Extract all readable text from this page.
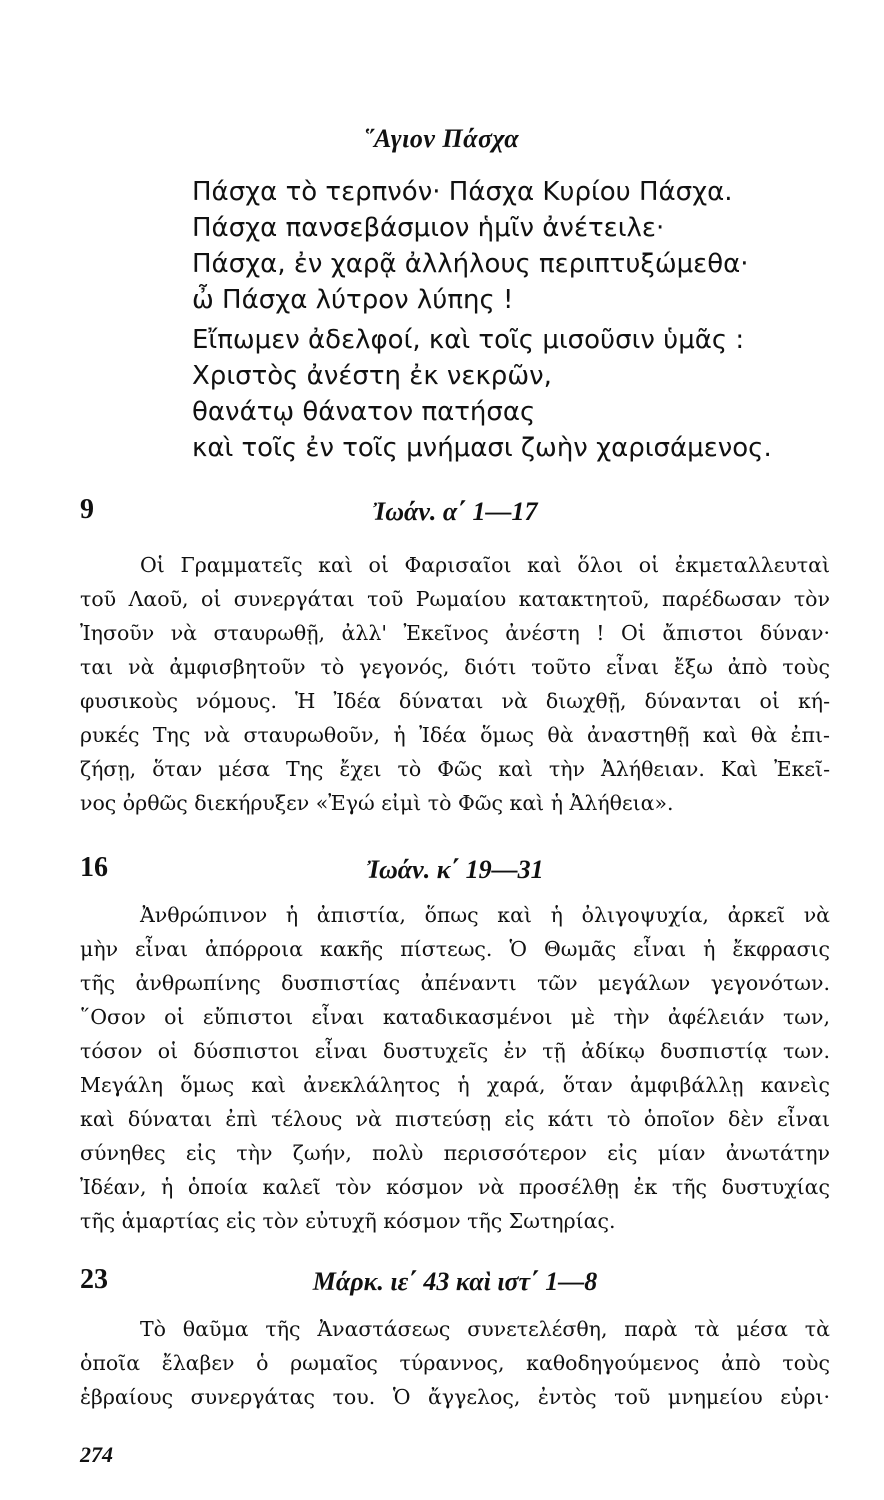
῞Αγιον Πάσχα
Πάσχα τὸ τερπνόν· Πάσχα Κυρίου Πάσχα.
Πάσχα πανσεβάσμιον ἡμῖν ἀνέτειλε·
Πάσχα, ἐν χαρᾷ ἀλλήλους περιπτυξώμεθα·
ὦ Πάσχα λύτρον λύπης !
Εἴπωμεν ἀδελφοί, καὶ τοῖς μισοῦσιν ὑμᾶς :
Χριστὸς ἀνέστη ἐκ νεκρῶν,
θανάτῳ θάνατον πατήσας
καὶ τοῖς ἐν τοῖς μνήμασι ζωὴν χαρισάμενος.
9	Ἰωάν. α΄ 1—17
Οἱ Γραμματεῖς καὶ οἱ Φαρισαῖοι καὶ ὅλοι οἱ ἐκμεταλλευταὶ
τοῦ Λαοῦ, οἱ συνεργάται τοῦ Ρωμαίου κατακτητοῦ, παρέδωσαν τὸν
Ἰησοῦν νὰ σταυρωθῇ, ἀλλ' Ἐκεῖνος ἀνέστη ! Οἱ ἄπιστοι δύναν·
ται νὰ ἀμφισβητοῦν τὸ γεγονός, διότι τοῦτο εἶναι ἔξω ἀπὸ τοὺς
φυσικοὺς νόμους. Ἡ Ἰδέα δύναται νὰ διωχθῇ, δύνανται οἱ κή-
ρυκές Της νὰ σταυρωθοῦν, ἡ Ἰδέα ὅμως θὰ ἀναστηθῇ καὶ θὰ ἐπι-
ζήσῃ, ὅταν μέσα Της ἔχει τὸ Φῶς καὶ τὴν Ἀλήθειαν. Καὶ Ἐκεῖ-
νος ὀρθῶς διεκήρυξεν «Ἐγώ εἰμὶ τὸ Φῶς καὶ ἡ Ἀλήθεια».
16	Ἰωάν. κ΄ 19—31
Ἀνθρώπινον ἡ ἀπιστία, ὅπως καὶ ἡ ὀλιγοψυχία, ἀρκεῖ νὰ
μὴν εἶναι ἀπόρροια κακῆς πίστεως. Ὁ Θωμᾶς εἶναι ἡ ἔκφρασις
τῆς ἀνθρωπίνης δυσπιστίας ἀπέναντι τῶν μεγάλων γεγονότων.
῞Οσον οἱ εὔπιστοι εἶναι καταδικασμένοι μὲ τὴν ἀφέλειάν των,
τόσον οἱ δύσπιστοι εἶναι δυστυχεῖς ἐν τῇ ἀδίκῳ δυσπιστίᾳ των.
Μεγάλη ὅμως καὶ ἀνεκλάλητος ἡ χαρά, ὅταν ἀμφιβάλλῃ κανεὶς
καὶ δύναται ἐπὶ τέλους νὰ πιστεύσῃ εἰς κάτι τὸ ὁποῖον δὲν εἶναι
σύνηθες εἰς τὴν ζωήν, πολὺ περισσότερον εἰς μίαν ἀνωτάτην
Ἰδέαν, ἡ ὁποία καλεῖ τὸν κόσμον νὰ προσέλθῃ ἐκ τῆς δυστυχίας
τῆς ἁμαρτίας εἰς τὸν εὐτυχῆ κόσμον τῆς Σωτηρίας.
23	Μάρκ. ιε΄ 43 καὶ ιστ΄ 1—8
Τὸ θαῦμα τῆς Ἀναστάσεως συνετελέσθη, παρὰ τὰ μέσα τὰ
ὁποῖα ἔλαβεν ὁ ρωμαῖος τύραννος, καθοδηγούμενος ἀπὸ τοὺς
ἑβραίους συνεργάτας του. Ὁ ἄγγελος, ἐντὸς τοῦ μνημείου εὑρι·
274
